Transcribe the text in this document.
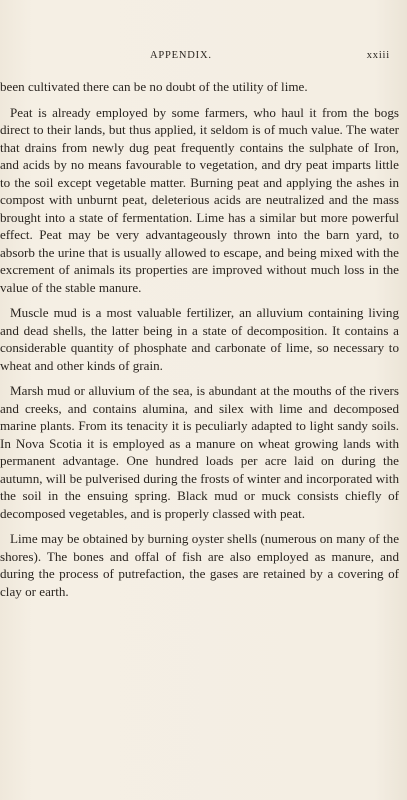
APPENDIX.	xxiii

been cultivated there can be no doubt of the utility of lime.

Peat is already employed by some farmers, who haul it from the bogs direct to their lands, but thus applied, it seldom is of much value. The water that drains from newly dug peat frequently contains the sulphate of Iron, and acids by no means favourable to vegetation, and dry peat imparts little to the soil except vegetable matter. Burning peat and applying the ashes in compost with unburnt peat, deleterious acids are neutralized and the mass brought into a state of fermentation. Lime has a similar but more powerful effect. Peat may be very advantageously thrown into the barn yard, to absorb the urine that is usually allowed to escape, and being mixed with the excrement of animals its properties are improved without much loss in the value of the stable manure.

Muscle mud is a most valuable fertilizer, an alluvium containing living and dead shells, the latter being in a state of decomposition. It contains a considerable quantity of phosphate and carbonate of lime, so necessary to wheat and other kinds of grain.

Marsh mud or alluvium of the sea, is abundant at the mouths of the rivers and creeks, and contains alumina, and silex with lime and decomposed marine plants. From its tenacity it is peculiarly adapted to light sandy soils. In Nova Scotia it is employed as a manure on wheat growing lands with permanent advantage. One hundred loads per acre laid on during the autumn, will be pulverised during the frosts of winter and incorporated with the soil in the ensuing spring. Black mud or muck consists chiefly of decomposed vegetables, and is properly classed with peat.

Lime may be obtained by burning oyster shells (numerous on many of the shores). The bones and offal of fish are also employed as manure, and during the process of putrefaction, the gases are retained by a covering of clay or earth.
